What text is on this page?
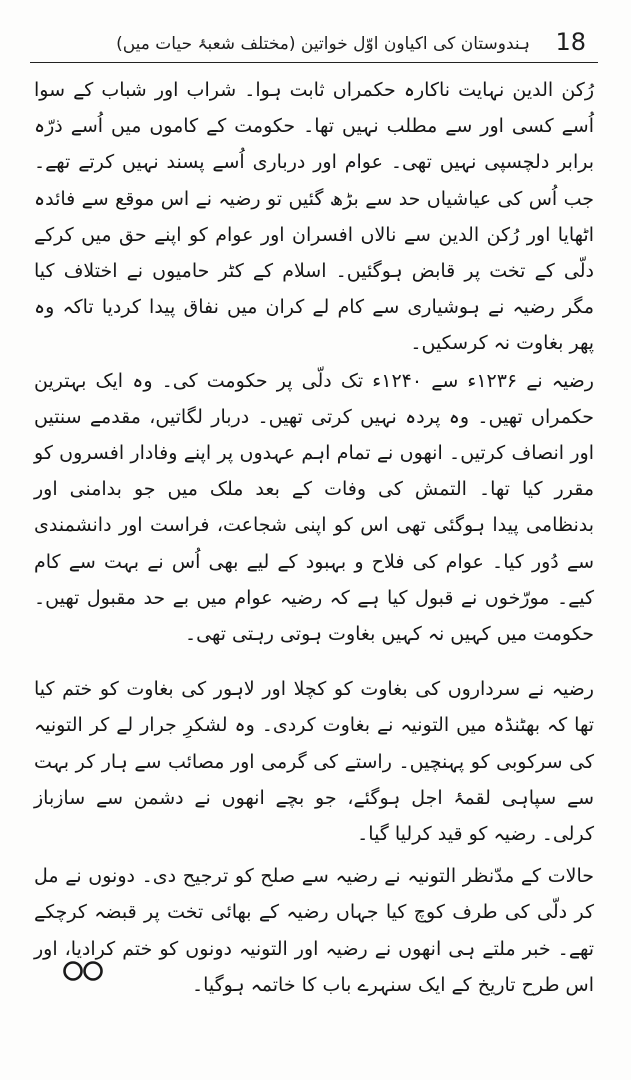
18
ہندوستان کی اکیاون اوّل خواتین (مختلف شعبۂ حیات میں)

رُکن الدین نہایت ناکارہ حکمراں ثابت ہوا۔ شراب اور شباب کے سوا اُسے کسی اور سے مطلب نہیں تھا۔ حکومت کے کاموں میں اُسے ذرّہ برابر دلچسپی نہیں تھی۔ عوام اور درباری اُسے پسند نہیں کرتے تھے۔ جب اُس کی عیاشیاں حد سے بڑھ گئیں تو رضیہ نے اس موقع سے فائدہ اٹھایا اور رُکن الدین سے نالاں افسران اور عوام کو اپنے حق میں کرکے دلّی کے تخت پر قابض ہوگئیں۔ اسلام کے کٹر حامیوں نے اختلاف کیا مگر رضیہ نے ہوشیاری سے کام لے کران میں نفاق پیدا کردیا تاکہ وہ پھر بغاوت نہ کرسکیں۔

رضیہ نے ۱۲۳۶ء سے ۱۲۴۰ء تک دلّی پر حکومت کی۔ وہ ایک بہترین حکمراں تھیں۔ وہ پردہ نہیں کرتی تھیں۔ دربار لگاتیں، مقدمے سنتیں اور انصاف کرتیں۔ انھوں نے تمام اہم عہدوں پر اپنے وفادار افسروں کو مقرر کیا تھا۔ التمش کی وفات کے بعد ملک میں جو بدامنی اور بدنظامی پیدا ہوگئی تھی اس کو اپنی شجاعت، فراست اور دانشمندی سے دُور کیا۔ عوام کی فلاح و بہبود کے لیے بھی اُس نے بہت سے کام کیے۔ مورّخوں نے قبول کیا ہے کہ رضیہ عوام میں بے حد مقبول تھیں۔ حکومت میں کہیں نہ کہیں بغاوت ہوتی رہتی تھی۔

رضیہ نے سرداروں کی بغاوت کو کچلا اور لاہور کی بغاوت کو ختم کیا تھا کہ بھٹنڈہ میں التونیہ نے بغاوت کردی۔ وہ لشکرِ جرار لے کر التونیہ کی سرکوبی کو پہنچیں۔ راستے کی گرمی اور مصائب سے ہار کر بہت سے سپاہی لقمۂ اجل ہوگئے، جو بچے انھوں نے دشمن سے سازباز کرلی۔ رضیہ کو قید کرلیا گیا۔

حالات کے مدّنظر التونیہ نے رضیہ سے صلح کو ترجیح دی۔ دونوں نے مل کر دلّی کی طرف کوچ کیا جہاں رضیہ کے بھائی تخت پر قبضہ کرچکے تھے۔ خبر ملتے ہی انھوں نے رضیہ اور التونیہ دونوں کو ختم کرادیا، اور اس طرح تاریخ کے ایک سنہرے باب کا خاتمہ ہوگیا۔
